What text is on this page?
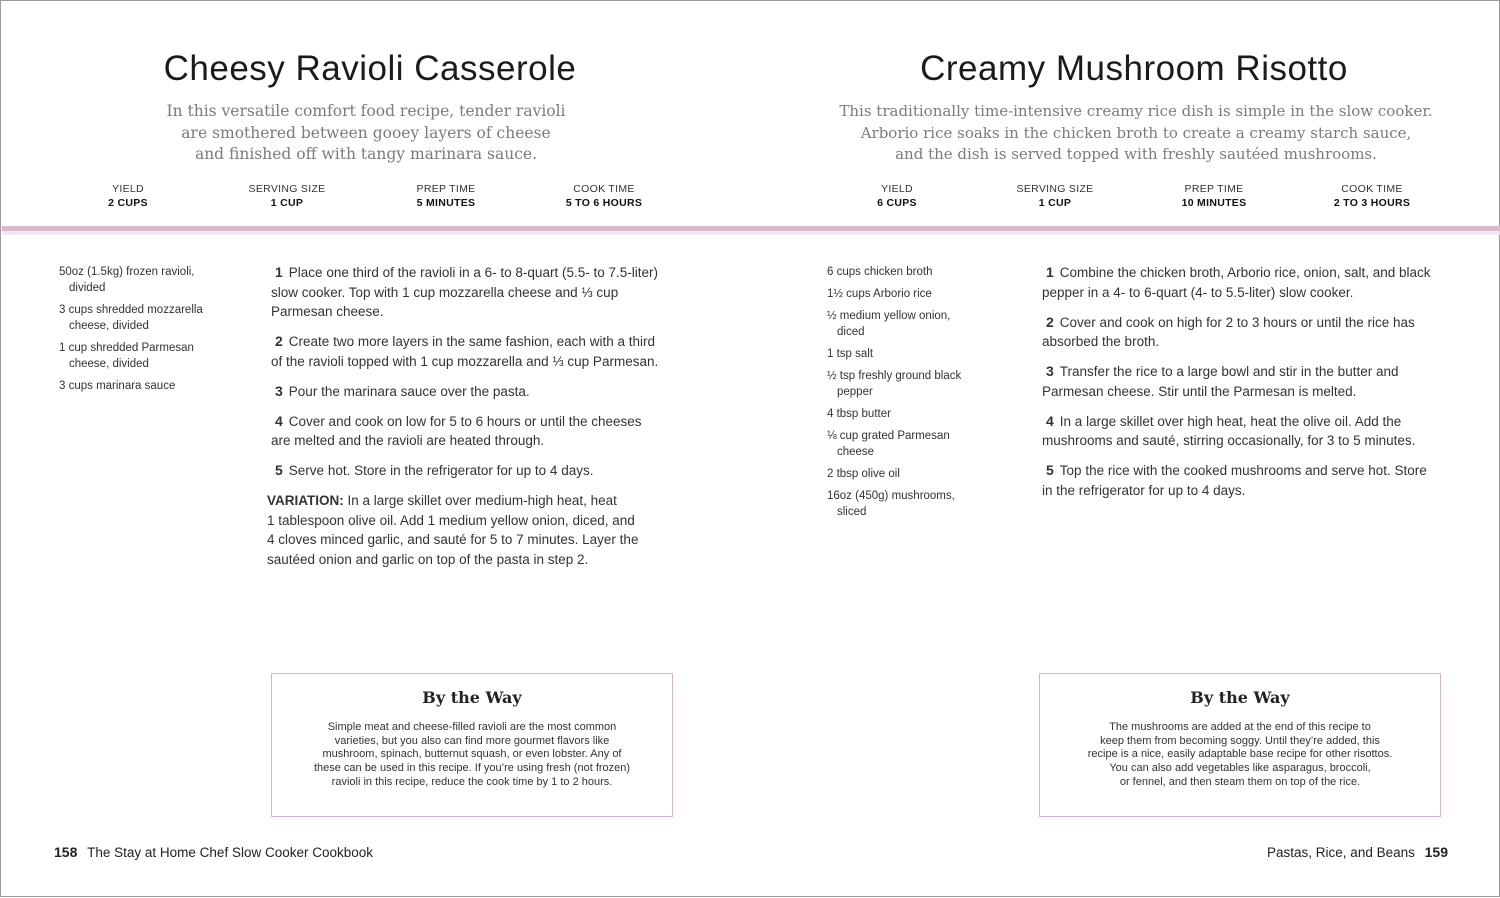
Cheesy Ravioli Casserole
In this versatile comfort food recipe, tender ravioli
are smothered between gooey layers of cheese
and finished off with tangy marinara sauce.
YIELD
2 CUPS
SERVING SIZE
1 CUP
PREP TIME
5 MINUTES
COOK TIME
5 TO 6 HOURS
50oz (1.5kg) frozen ravioli,
divided
3 cups shredded mozzarella
cheese, divided
1 cup shredded Parmesan
cheese, divided
3 cups marinara sauce
1 Place one third of the ravioli in a 6- to 8-quart (5.5- to 7.5-liter)
slow cooker. Top with 1 cup mozzarella cheese and ⅓ cup
Parmesan cheese.
2 Create two more layers in the same fashion, each with a third
of the ravioli topped with 1 cup mozzarella and ⅓ cup Parmesan.
3 Pour the marinara sauce over the pasta.
4 Cover and cook on low for 5 to 6 hours or until the cheeses
are melted and the ravioli are heated through.
5 Serve hot. Store in the refrigerator for up to 4 days.
VARIATION: In a large skillet over medium-high heat, heat
1 tablespoon olive oil. Add 1 medium yellow onion, diced, and
4 cloves minced garlic, and sauté for 5 to 7 minutes. Layer the
sautéed onion and garlic on top of the pasta in step 2.
By the Way
Simple meat and cheese-filled ravioli are the most common
varieties, but you also can find more gourmet flavors like
mushroom, spinach, butternut squash, or even lobster. Any of
these can be used in this recipe. If you’re using fresh (not frozen)
ravioli in this recipe, reduce the cook time by 1 to 2 hours.
158 The Stay at Home Chef Slow Cooker Cookbook
Creamy Mushroom Risotto
This traditionally time-intensive creamy rice dish is simple in the slow cooker.
Arborio rice soaks in the chicken broth to create a creamy starch sauce,
and the dish is served topped with freshly sautéed mushrooms.
YIELD
6 CUPS
SERVING SIZE
1 CUP
PREP TIME
10 MINUTES
COOK TIME
2 TO 3 HOURS
6 cups chicken broth
1½ cups Arborio rice
½ medium yellow onion,
diced
1 tsp salt
½ tsp freshly ground black
pepper
4 tbsp butter
⅛ cup grated Parmesan
cheese
2 tbsp olive oil
16oz (450g) mushrooms,
sliced
1 Combine the chicken broth, Arborio rice, onion, salt, and black
pepper in a 4- to 6-quart (4- to 5.5-liter) slow cooker.
2 Cover and cook on high for 2 to 3 hours or until the rice has
absorbed the broth.
3 Transfer the rice to a large bowl and stir in the butter and
Parmesan cheese. Stir until the Parmesan is melted.
4 In a large skillet over high heat, heat the olive oil. Add the
mushrooms and sauté, stirring occasionally, for 3 to 5 minutes.
5 Top the rice with the cooked mushrooms and serve hot. Store
in the refrigerator for up to 4 days.
By the Way
The mushrooms are added at the end of this recipe to
keep them from becoming soggy. Until they’re added, this
recipe is a nice, easily adaptable base recipe for other risottos.
You can also add vegetables like asparagus, broccoli,
or fennel, and then steam them on top of the rice.
Pastas, Rice, and Beans 159
